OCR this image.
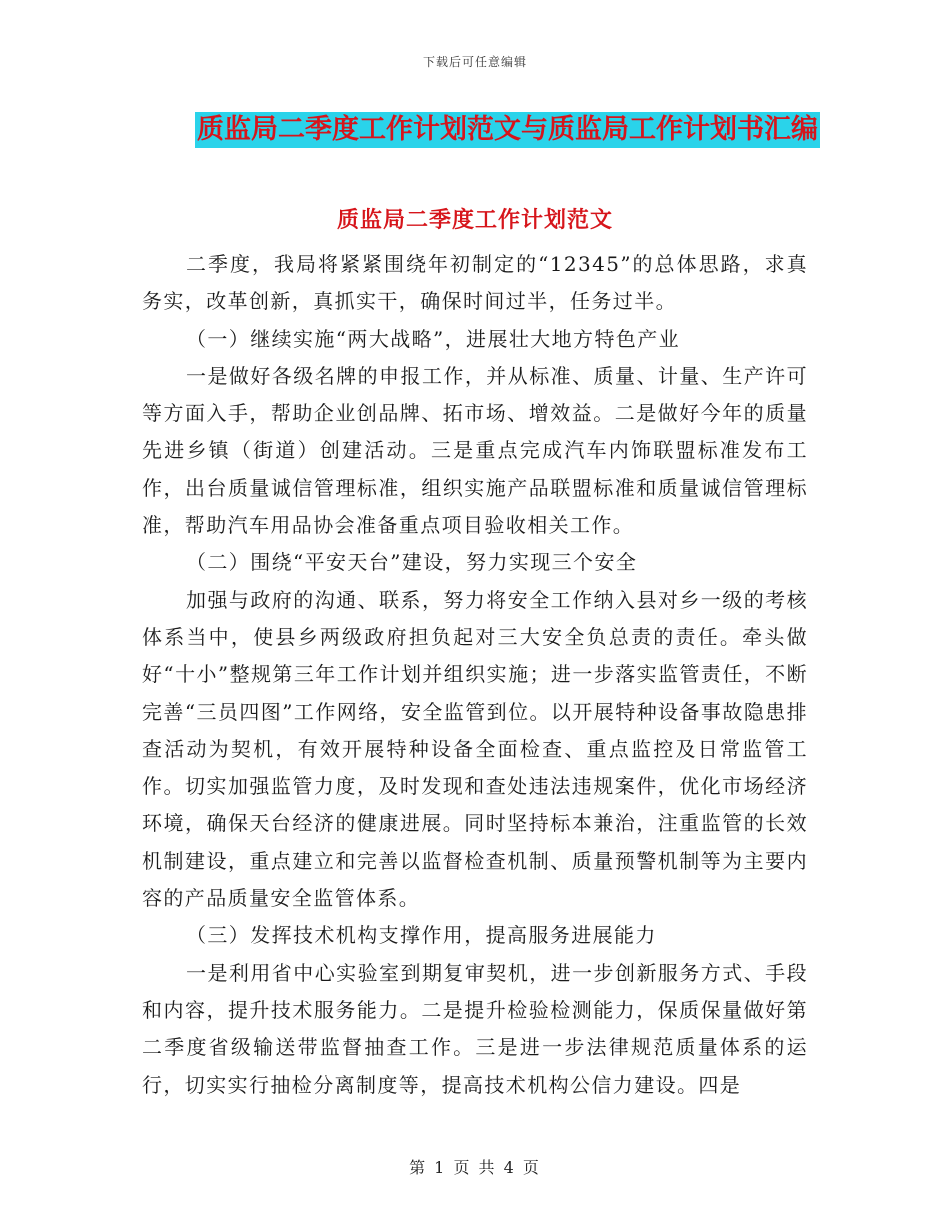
下载后可任意编辑
质监局二季度工作计划范文与质监局工作计划书汇编
质监局二季度工作计划范文

二季度，我局将紧紧围绕年初制定的“12345”的总体思路，求真务实，改革创新，真抓实干，确保时间过半，任务过半。

（一）继续实施“两大战略”，进展壮大地方特色产业

一是做好各级名牌的申报工作，并从标准、质量、计量、生产许可等方面入手，帮助企业创品牌、拓市场、增效益。二是做好今年的质量先进乡镇（街道）创建活动。三是重点完成汽车内饰联盟标准发布工作，出台质量诚信管理标准，组织实施产品联盟标准和质量诚信管理标准，帮助汽车用品协会准备重点项目验收相关工作。

（二）围绕“平安天台”建设，努力实现三个安全

加强与政府的沟通、联系，努力将安全工作纳入县对乡一级的考核体系当中，使县乡两级政府担负起对三大安全负总责的责任。牵头做好“十小”整规第三年工作计划并组织实施；进一步落实监管责任，不断完善“三员四图”工作网络，安全监管到位。以开展特种设备事故隐患排查活动为契机，有效开展特种设备全面检查、重点监控及日常监管工作。切实加强监管力度，及时发现和查处违法违规案件，优化市场经济环境，确保天台经济的健康进展。同时坚持标本兼治，注重监管的长效机制建设，重点建立和完善以监督检查机制、质量预警机制等为主要内容的产品质量安全监管体系。

（三）发挥技术机构支撑作用，提高服务进展能力

一是利用省中心实验室到期复审契机，进一步创新服务方式、手段和内容，提升技术服务能力。二是提升检验检测能力，保质保量做好第二季度省级输送带监督抽查工作。三是进一步法律规范质量体系的运行，切实实行抽检分离制度等，提高技术机构公信力建设。四是

第 1 页 共 4 页
